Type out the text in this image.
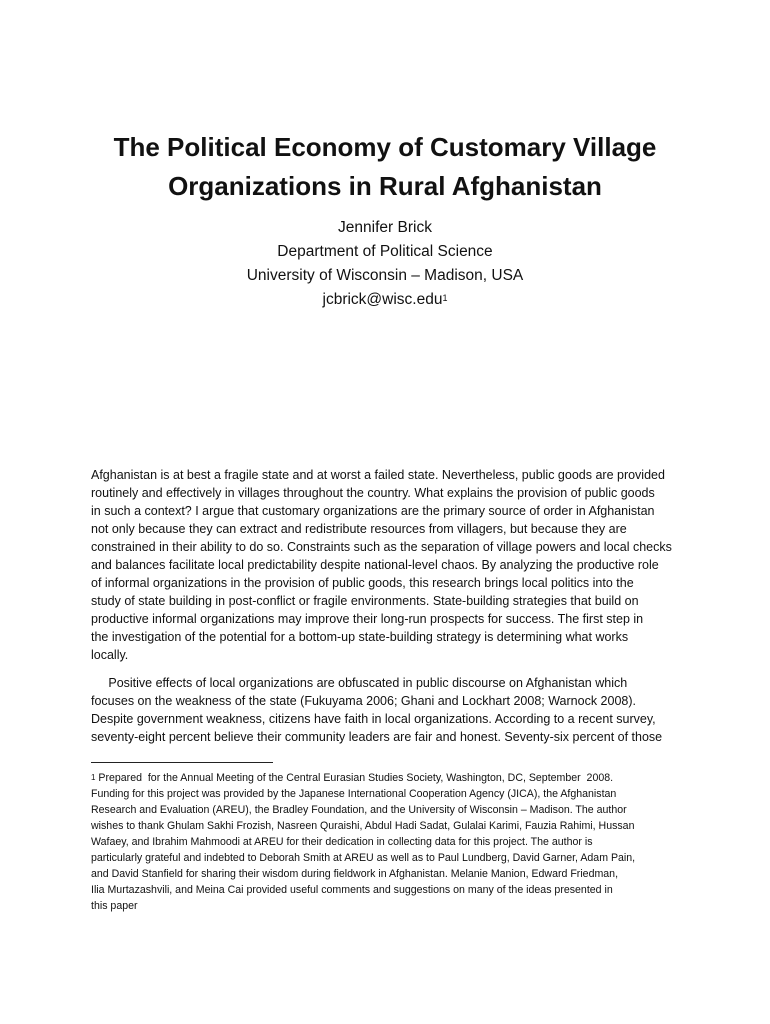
The Political Economy of Customary Village
Organizations in Rural Afghanistan
Jennifer Brick
Department of Political Science
University of Wisconsin – Madison, USA
jcbrick@wisc.edu$^1$
Afghanistan is at best a fragile state and at worst a failed state. Nevertheless, public goods are provided
routinely and effectively in villages throughout the country. What explains the provision of public goods
in such a context? I argue that customary organizations are the primary source of order in Afghanistan
not only because they can extract and redistribute resources from villagers, but because they are
constrained in their ability to do so. Constraints such as the separation of village powers and local checks
and balances facilitate local predictability despite national-level chaos. By analyzing the productive role
of informal organizations in the provision of public goods, this research brings local politics into the
study of state building in post-conflict or fragile environments. State-building strategies that build on
productive informal organizations may improve their long-run prospects for success. The first step in
the investigation of the potential for a bottom-up state-building strategy is determining what works
locally.
Positive effects of local organizations are obfuscated in public discourse on Afghanistan which
focuses on the weakness of the state (Fukuyama 2006; Ghani and Lockhart 2008; Warnock 2008).
Despite government weakness, citizens have faith in local organizations. According to a recent survey,
seventy-eight percent believe their community leaders are fair and honest. Seventy-six percent of those
$^1$ Prepared  for the Annual Meeting of the Central Eurasian Studies Society, Washington, DC, September  2008.
Funding for this project was provided by the Japanese International Cooperation Agency (JICA), the Afghanistan
Research and Evaluation (AREU), the Bradley Foundation, and the University of Wisconsin – Madison. The author
wishes to thank Ghulam Sakhi Frozish, Nasreen Quraishi, Abdul Hadi Sadat, Gulalai Karimi, Fauzia Rahimi, Hussan
Wafaey, and Ibrahim Mahmoodi at AREU for their dedication in collecting data for this project. The author is
particularly grateful and indebted to Deborah Smith at AREU as well as to Paul Lundberg, David Garner, Adam Pain,
and David Stanfield for sharing their wisdom during fieldwork in Afghanistan. Melanie Manion, Edward Friedman,
Ilia Murtazashvili, and Meina Cai provided useful comments and suggestions on many of the ideas presented in
this paper
